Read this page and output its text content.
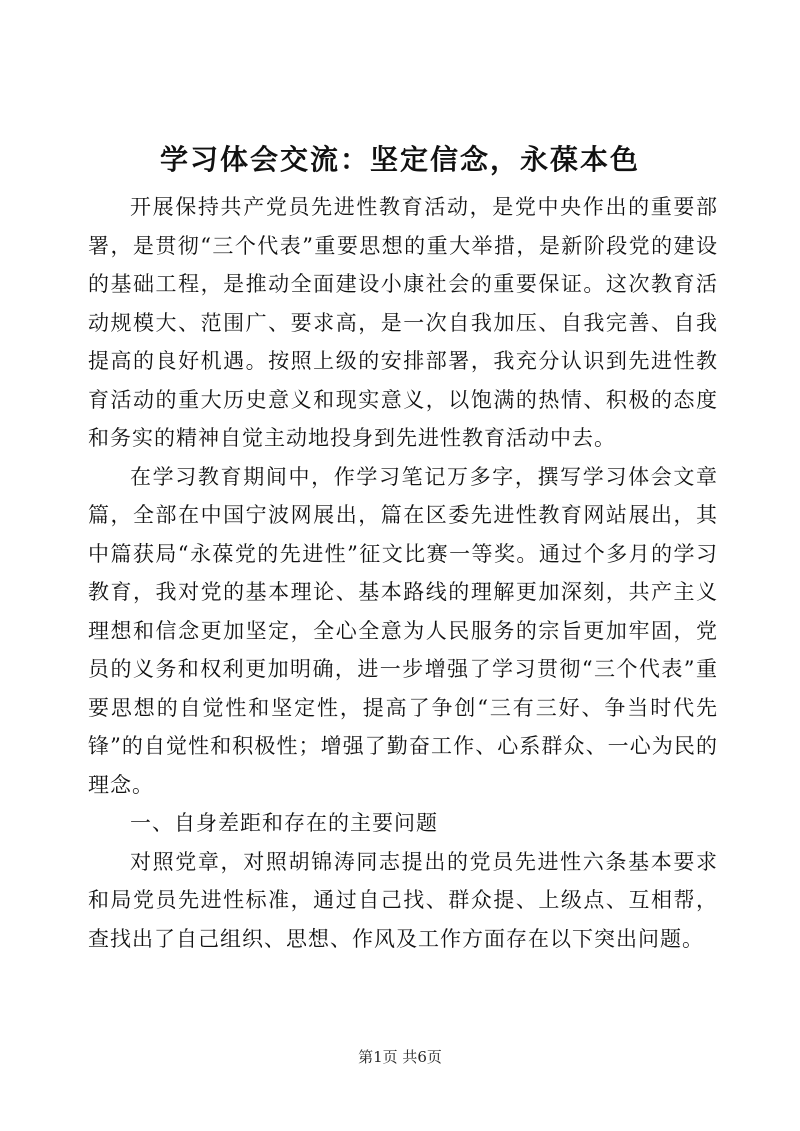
学习体会交流：坚定信念，永葆本色

开展保持共产党员先进性教育活动，是党中央作出的重要部署，是贯彻“三个代表”重要思想的重大举措，是新阶段党的建设的基础工程，是推动全面建设小康社会的重要保证。这次教育活动规模大、范围广、要求高，是一次自我加压、自我完善、自我提高的良好机遇。按照上级的安排部署，我充分认识到先进性教育活动的重大历史意义和现实意义，以饱满的热情、积极的态度和务实的精神自觉主动地投身到先进性教育活动中去。

在学习教育期间中，作学习笔记万多字，撰写学习体会文章篇，全部在中国宁波网展出，篇在区委先进性教育网站展出，其中篇获局“永葆党的先进性”征文比赛一等奖。通过个多月的学习教育，我对党的基本理论、基本路线的理解更加深刻，共产主义理想和信念更加坚定，全心全意为人民服务的宗旨更加牢固，党员的义务和权利更加明确，进一步增强了学习贯彻“三个代表”重要思想的自觉性和坚定性，提高了争创“三有三好、争当时代先锋”的自觉性和积极性；增强了勤奋工作、心系群众、一心为民的理念。

一、自身差距和存在的主要问题

对照党章，对照胡锦涛同志提出的党员先进性六条基本要求和局党员先进性标准，通过自己找、群众提、上级点、互相帮，查找出了自己组织、思想、作风及工作方面存在以下突出问题。

第1页 共6页
